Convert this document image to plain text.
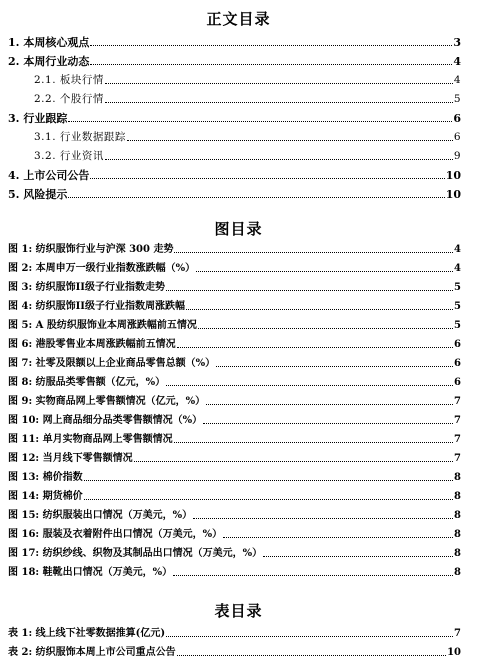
正文目录
1. 本周核心观点	3
2. 本周行业动态	4
2.1. 板块行情	4
2.2. 个股行情	5
3. 行业跟踪	6
3.1. 行业数据跟踪	6
3.2. 行业资讯	9
4. 上市公司公告	10
5. 风险提示	10
图目录
图 1: 纺织服饰行业与沪深 300 走势	4
图 2: 本周申万一级行业指数涨跌幅（%）	4
图 3: 纺织服饰II级子行业指数走势	5
图 4: 纺织服饰II级子行业指数周涨跌幅	5
图 5: A 股纺织服饰业本周涨跌幅前五情况	5
图 6: 港股零售业本周涨跌幅前五情况	6
图 7: 社零及限额以上企业商品零售总额（%）	6
图 8: 纺服品类零售额（亿元，%）	6
图 9: 实物商品网上零售额情况（亿元，%）	7
图 10: 网上商品细分品类零售额情况（%）	7
图 11: 单月实物商品网上零售额情况	7
图 12: 当月线下零售额情况	7
图 13: 棉价指数	8
图 14: 期货棉价	8
图 15: 纺织服装出口情况（万美元，%）	8
图 16: 服装及衣着附件出口情况（万美元，%）	8
图 17: 纺织纱线、织物及其制品出口情况（万美元，%）	8
图 18: 鞋靴出口情况（万美元，%）	8
表目录
表 1: 线上线下社零数据推算(亿元)	7
表 2: 纺织服饰本周上市公司重点公告	10
